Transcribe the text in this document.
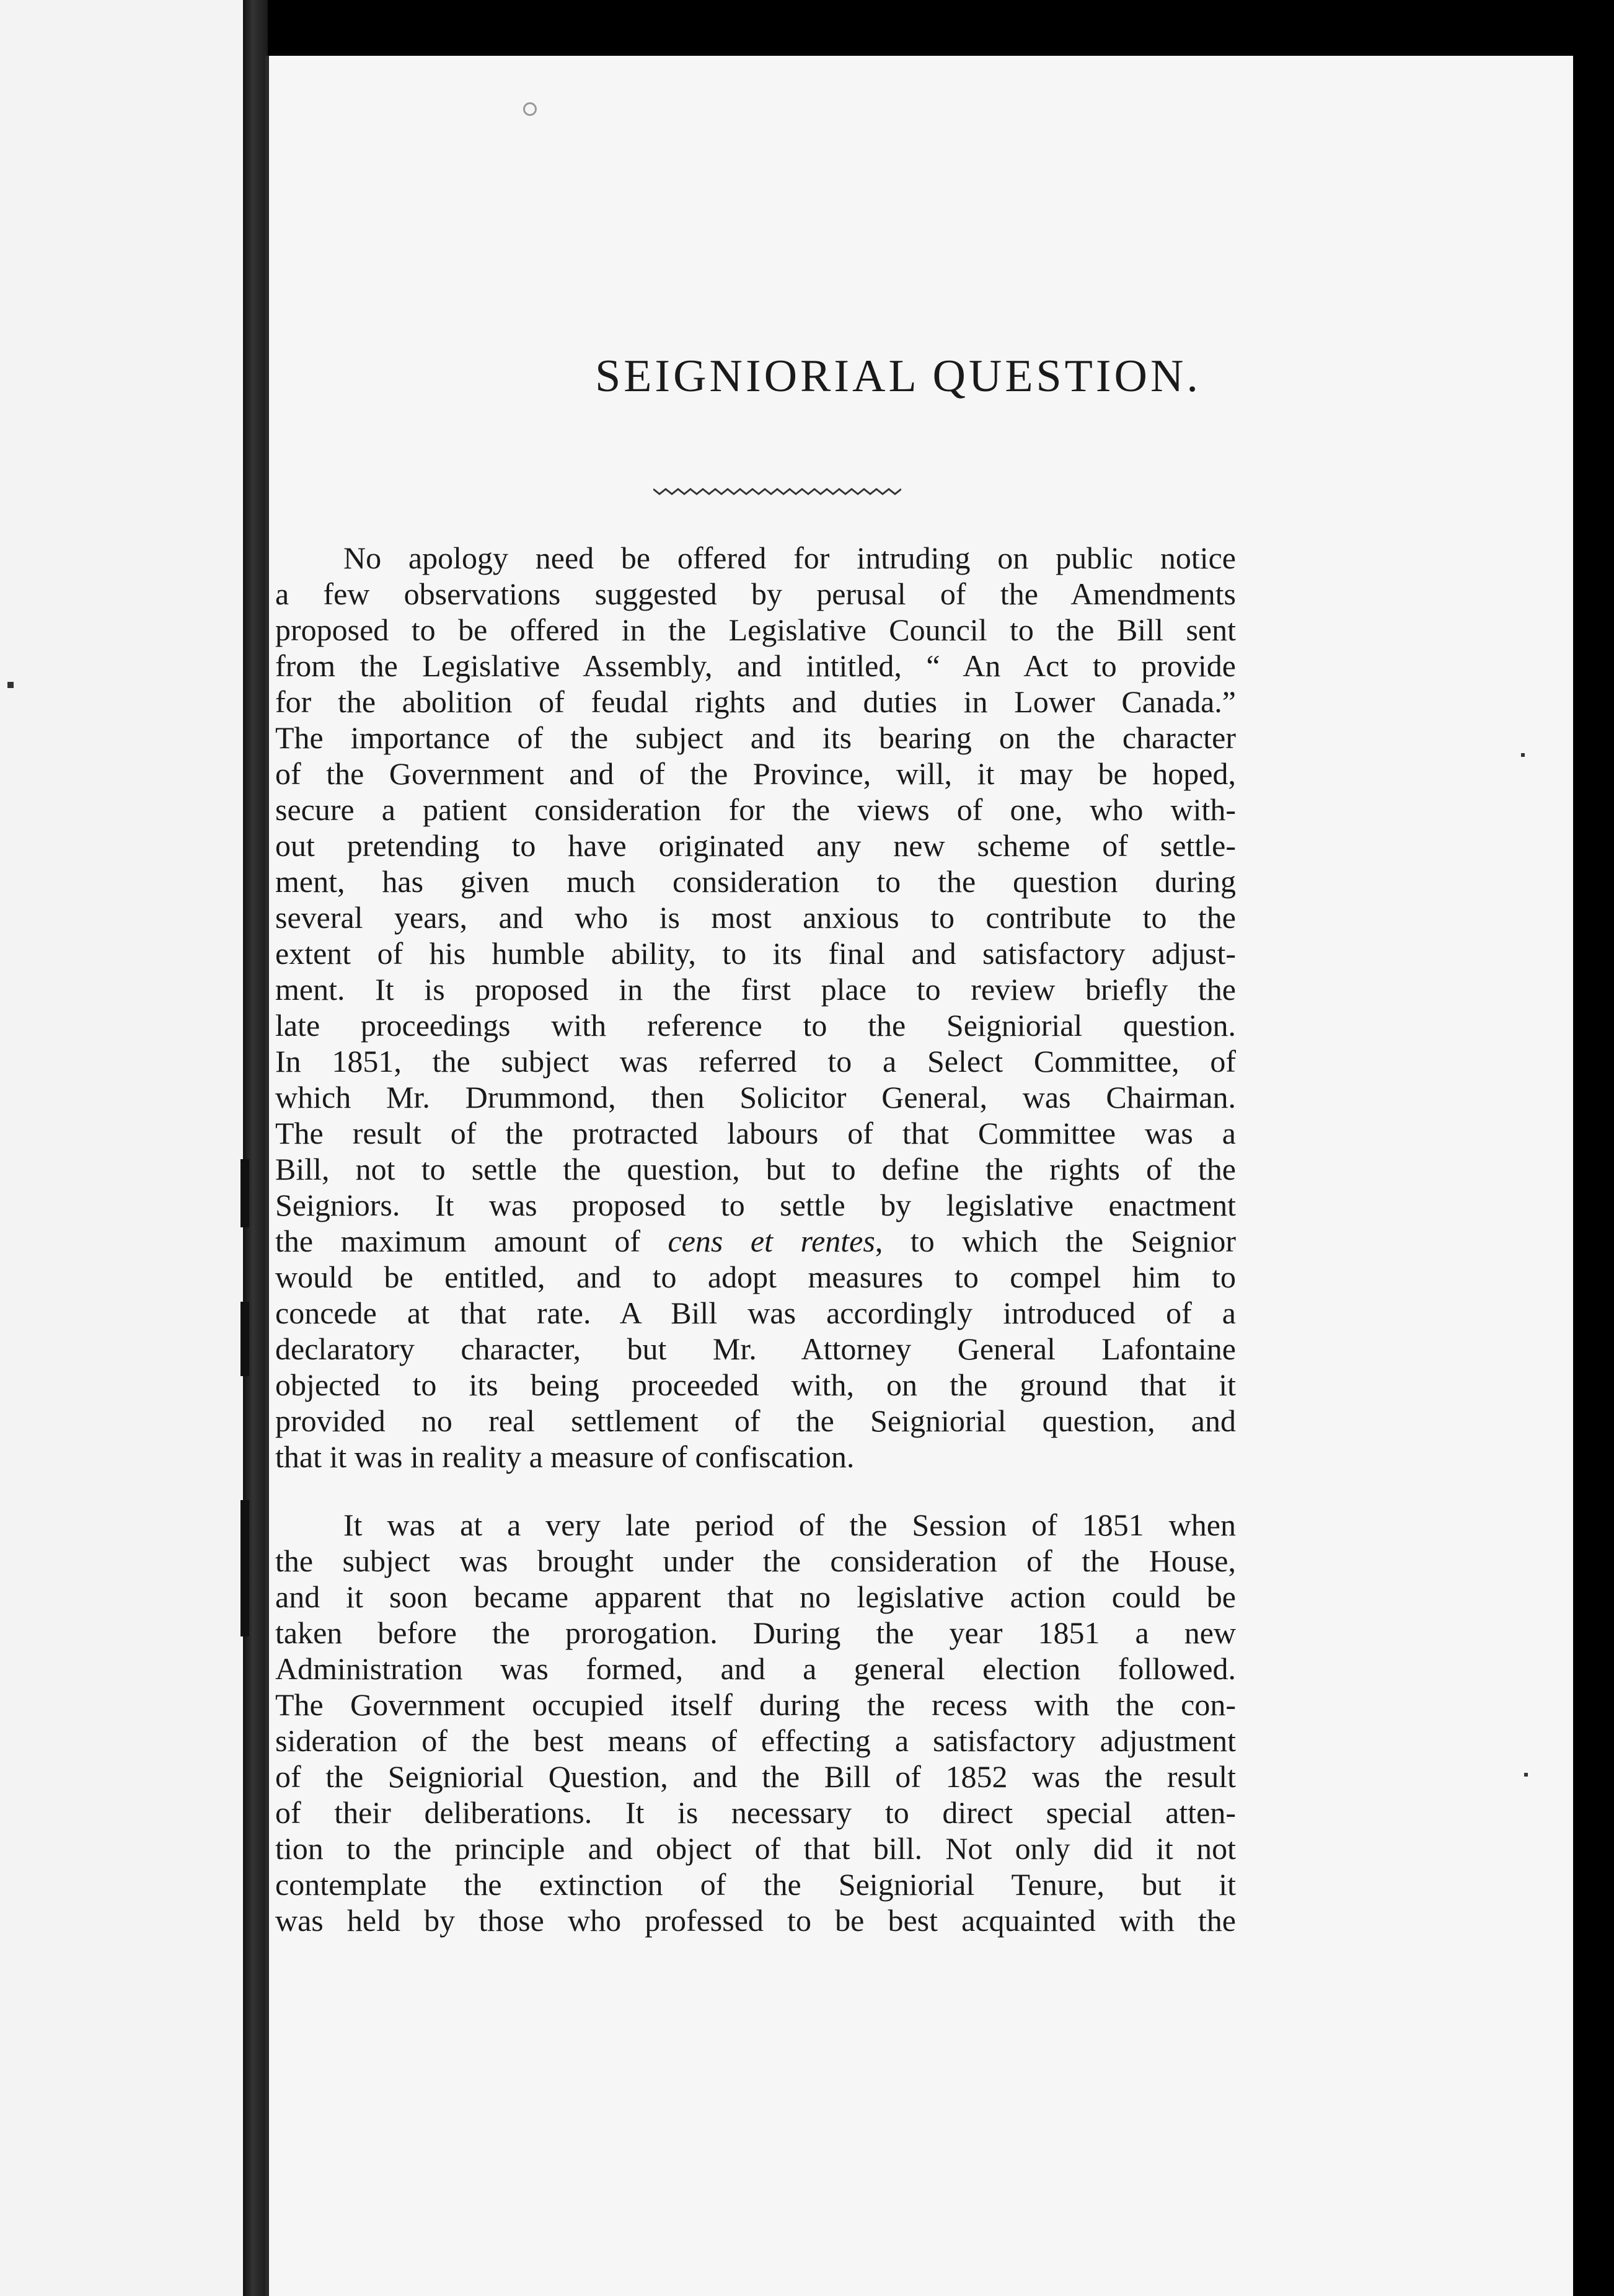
SEIGNIORIAL QUESTION.
No apology need be offered for intruding on public notice
a few observations suggested by perusal of the Amendments
proposed to be offered in the Legislative Council to the Bill sent
from the Legislative Assembly, and intitled, “ An Act to provide
for the abolition of feudal rights and duties in Lower Canada.”
The importance of the subject and its bearing on the character
of the Government and of the Province, will, it may be hoped,
secure a patient consideration for the views of one, who with-
out pretending to have originated any new scheme of settle-
ment, has given much consideration to the question during
several years, and who is most anxious to contribute to the
extent of his humble ability, to its final and satisfactory adjust-
ment. It is proposed in the first place to review briefly the
late proceedings with reference to the Seigniorial question.
In 1851, the subject was referred to a Select Committee, of
which Mr. Drummond, then Solicitor General, was Chairman.
The result of the protracted labours of that Committee was a
Bill, not to settle the question, but to define the rights of the
Seigniors. It was proposed to settle by legislative enactment
the maximum amount of cens et rentes, to which the Seignior
would be entitled, and to adopt measures to compel him to
concede at that rate. A Bill was accordingly introduced of a
declaratory character, but Mr. Attorney General Lafontaine
objected to its being proceeded with, on the ground that it
provided no real settlement of the Seigniorial question, and
that it was in reality a measure of confiscation.
It was at a very late period of the Session of 1851 when
the subject was brought under the consideration of the House,
and it soon became apparent that no legislative action could be
taken before the prorogation. During the year 1851 a new
Administration was formed, and a general election followed.
The Government occupied itself during the recess with the con-
sideration of the best means of effecting a satisfactory adjustment
of the Seigniorial Question, and the Bill of 1852 was the result
of their deliberations. It is necessary to direct special atten-
tion to the principle and object of that bill. Not only did it not
contemplate the extinction of the Seigniorial Tenure, but it
was held by those who professed to be best acquainted with the
